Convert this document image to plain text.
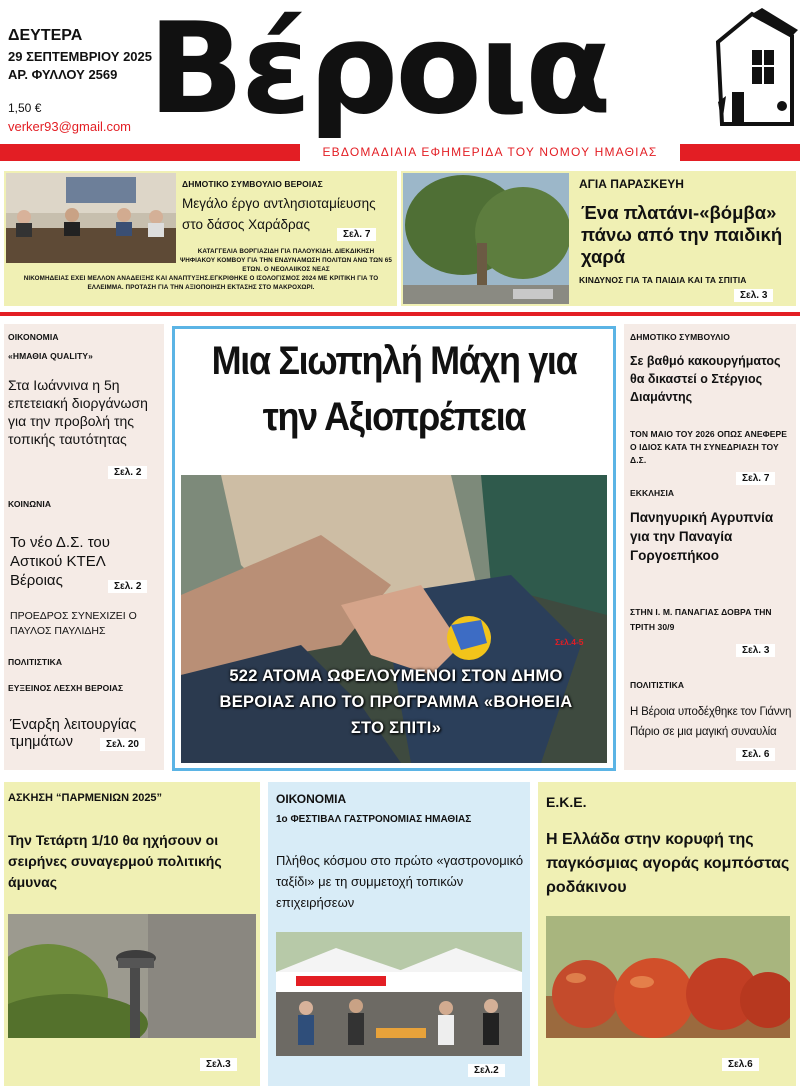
ΔΕΥΤΕΡΑ
29 ΣΕΠΤΕΜΒΡΙΟΥ 2025
ΑΡ. ΦΥΛΛΟΥ 2569
1,50 €
verker93@gmail.com Βέροια
ΕΒΔΟΜΑΔΙΑΙΑ ΕΦΗΜΕΡΙΔΑ ΤΟΥ ΝΟΜΟΥ ΗΜΑΘΙΑΣ
ΔΗΜΟΤΙΚΟ ΣΥΜΒΟΥΛΙΟ ΒΕΡΟΙΑΣ
Μεγάλο έργο αντλησιοταμίευσης στο δάσος Χαράδρας
Σελ. 7
ΚΑΤΑΓΓΕΛΙΑ ΒΟΡΓΙΑΖΙΔΗ ΓΙΑ ΠΑΛΟΥΚΙΔΗ. ΔΙΕΚΔΙΚΗΣΗ ΨΗΦΙΑΚΟΥ ΚΟΜΒΟΥ ΓΙΑ ΤΗΝ ΕΝΔΥΝΑΜΩΣΗ ΠΟΛΙΤΩΝ ΑΝΩ ΤΩΝ 65 ΕΤΩΝ. Ο ΝΕΟΛΑΙΙΚΟΣ ΝΕΑΣ
ΝΙΚΟΜΗΔΕΙΑΣ ΕΧΕΙ ΜΕΛΛΟΝ ΑΝΑΔΕΙΞΗΣ ΚΑΙ ΑΝΑΠΤΥΞΗΣ.ΕΓΚΡΙΘΗΚΕ Ο ΙΣΟΛΟΓΙΣΜΟΣ 2024 ΜΕ ΚΡΙΤΙΚΗ ΓΙΑ ΤΟ ΕΛΛΕΙΜΜΑ. ΠΡΟΤΑΣΗ ΓΙΑ ΤΗΝ ΑΞΙΟΠΟΙΗΣΗ ΕΚΤΑΣΗΣ ΣΤΟ ΜΑΚΡΟΧΩΡΙ.
ΑΓΙΑ ΠΑΡΑΣΚΕΥΗ
Ένα πλατάνι-«βόμβα» πάνω από την παιδική χαρά
ΚΙΝΔΥΝΟΣ ΓΙΑ ΤΑ ΠΑΙΔΙΑ ΚΑΙ ΤΑ ΣΠΙΤΙΑ
Σελ. 3
ΟΙΚΟΝΟΜΙΑ
«ΗΜΑΘΙΑ QUALITY»
Στα Ιωάννινα η 5η επετειακή διοργάνωση για την προβολή της τοπικής ταυτότητας
Σελ. 2
ΚΟΙΝΩΝΙΑ
Το νέο Δ.Σ. του Αστικού ΚΤΕΛ Βέροιας	Σελ. 2
ΠΡΟΕΔΡΟΣ ΣΥΝΕΧΙΖΕΙ Ο ΠΑΥΛΟΣ ΠΑΥΛΙΔΗΣ
ΠΟΛΙΤΙΣΤΙΚΑ
ΕΥΞΕΙΝΟΣ ΛΕΣΧΗ ΒΕΡΟΙΑΣ
Έναρξη λειτουργίας τμημάτων	Σελ. 20
Μια Σιωπηλή Μάχη για την Αξιοπρέπεια
Σελ.4-5
522 ΑΤΟΜΑ ΩΦΕΛΟΥΜΕΝΟΙ ΣΤΟΝ ΔΗΜΟ ΒΕΡΟΙΑΣ ΑΠΟ ΤΟ ΠΡΟΓΡΑΜΜΑ «ΒΟΗΘΕΙΑ ΣΤΟ ΣΠΙΤΙ»
ΔΗΜΟΤΙΚΟ ΣΥΜΒΟΥΛΙΟ
Σε βαθμό κακουργήματος θα δικαστεί ο Στέργιος Διαμάντης
ΤΟΝ ΜΑΙΟ ΤΟΥ 2026 ΟΠΩΣ ΑΝΕΦΕΡΕ Ο ΙΔΙΟΣ ΚΑΤΑ ΤΗ ΣΥΝΕΔΡΙΑΣΗ ΤΟΥ Δ.Σ.
Σελ. 7
ΕΚΚΛΗΣΙΑ
Πανηγυρική Αγρυπνία για την Παναγία Γοργοεπήκοο
ΣΤΗΝ Ι. Μ. ΠΑΝΑΓΙΑΣ ΔΟΒΡΑ ΤΗΝ ΤΡΙΤΗ 30/9
Σελ. 3
ΠΟΛΙΤΙΣΤΙΚΑ
Η Βέροια υποδέχθηκε τον Γιάννη Πάριο σε μια μαγική συναυλία
Σελ. 6
ΑΣΚΗΣΗ “ΠΑΡΜΕΝΙΩΝ 2025”
Την Τετάρτη 1/10 θα ηχήσουν οι σειρήνες συναγερμού πολιτικής άμυνας
Σελ.3
ΟΙΚΟΝΟΜΙΑ
1ο ΦΕΣΤΙΒΑΛ ΓΑΣΤΡΟΝΟΜΙΑΣ ΗΜΑΘΙΑΣ
Πλήθος κόσμου στο πρώτο «γαστρονομικό ταξίδι» με τη συμμετοχή τοπικών επιχειρήσεων
Σελ.2
Ε.Κ.Ε.
Η Ελλάδα στην κορυφή της παγκόσμιας αγοράς κομπόστας ροδάκινου
Σελ.6
